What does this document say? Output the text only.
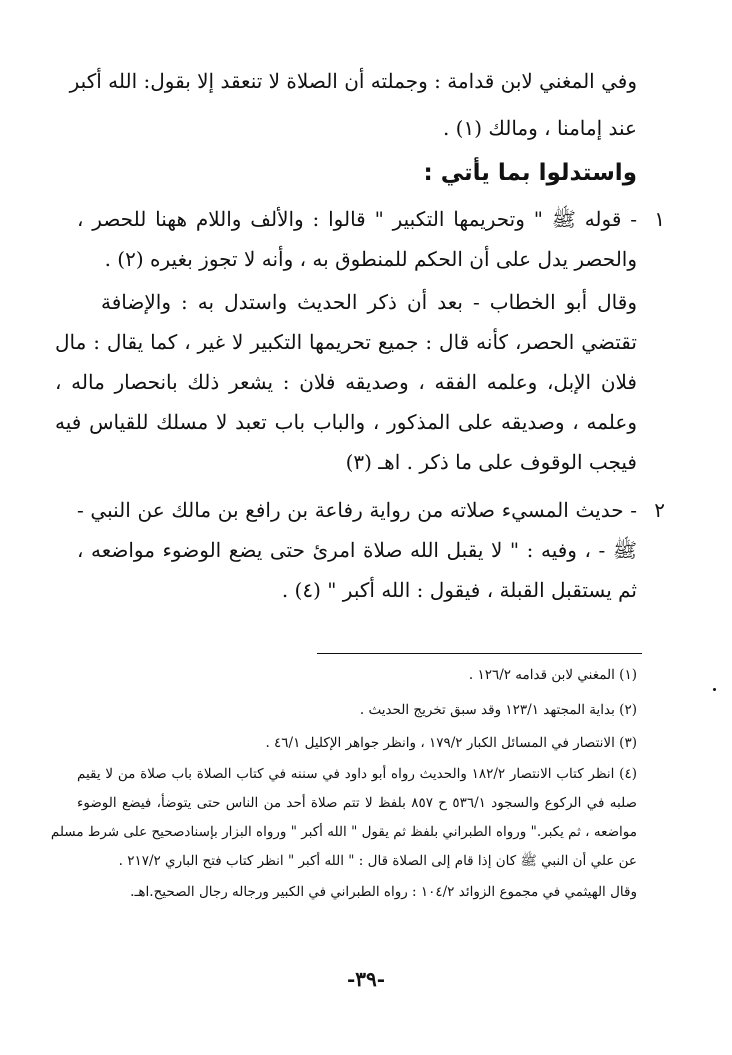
وفي المغني لابن قدامة : وجملته أن الصلاة لا تنعقد إلا بقول: الله أكبر
عند إمامنا ، ومالك (١) .
واستدلوا بما يأتي :
١
- قوله ﷺ " وتحريمها التكبير " قالوا : والألف واللام ههنا للحصر ،
والحصر يدل على أن الحكم للمنطوق به ، وأنه لا تجوز بغيره (٢) .
وقال أبو الخطاب - بعد أن ذكر الحديث واستدل به : والإضافة
تقتضي الحصر، كأنه قال : جميع تحريمها التكبير لا غير ، كما يقال : مال
فلان الإبل، وعلمه الفقه ، وصديقه فلان : يشعر ذلك بانحصار ماله ،
وعلمه ، وصديقه على المذكور ، والباب باب تعبد لا مسلك للقياس فيه
فيجب الوقوف على ما ذكر . اهـ (٣)
٢
- حديث المسيء صلاته من رواية رفاعة بن رافع بن مالك عن النبي -
ﷺ - ، وفيه : " لا يقبل الله صلاة امرئ حتى يضع الوضوء مواضعه ،
ثم يستقبل القبلة ، فيقول : الله أكبر " (٤) .
(١) المغني لابن قدامه ١٢٦/٢ .
(٢) بداية المجتهد ١٢٣/١ وقد سبق تخريج الحديث .
(٣) الانتصار في المسائل الكبار ١٧٩/٢ ، وانظر جواهر الإكليل ٤٦/١ .
(٤) انظر كتاب الانتصار ١٨٢/٢ والحديث رواه أبو داود في سننه في كتاب الصلاة باب صلاة من لا يقيم
صلبه في الركوع والسجود ٥٣٦/١ ح ٨٥٧ بلفظ لا تتم صلاة أحد من الناس حتى يتوضأ، فيضع الوضوء
مواضعه ، ثم يكبر." ورواه الطبراني بلفظ ثم يقول " الله أكبر " ورواه البزار بإسنادصحيح على شرط مسلم
عن علي أن النبي ﷺ كان إذا قام إلى الصلاة قال : " الله أكبر " انظر كتاب فتح الباري ٢١٧/٢ .
وقال الهيثمي في مجموع الزوائد ١٠٤/٢ : رواه الطبراني في الكبير ورجاله رجال الصحيح.اهـ.
-٣٩-
